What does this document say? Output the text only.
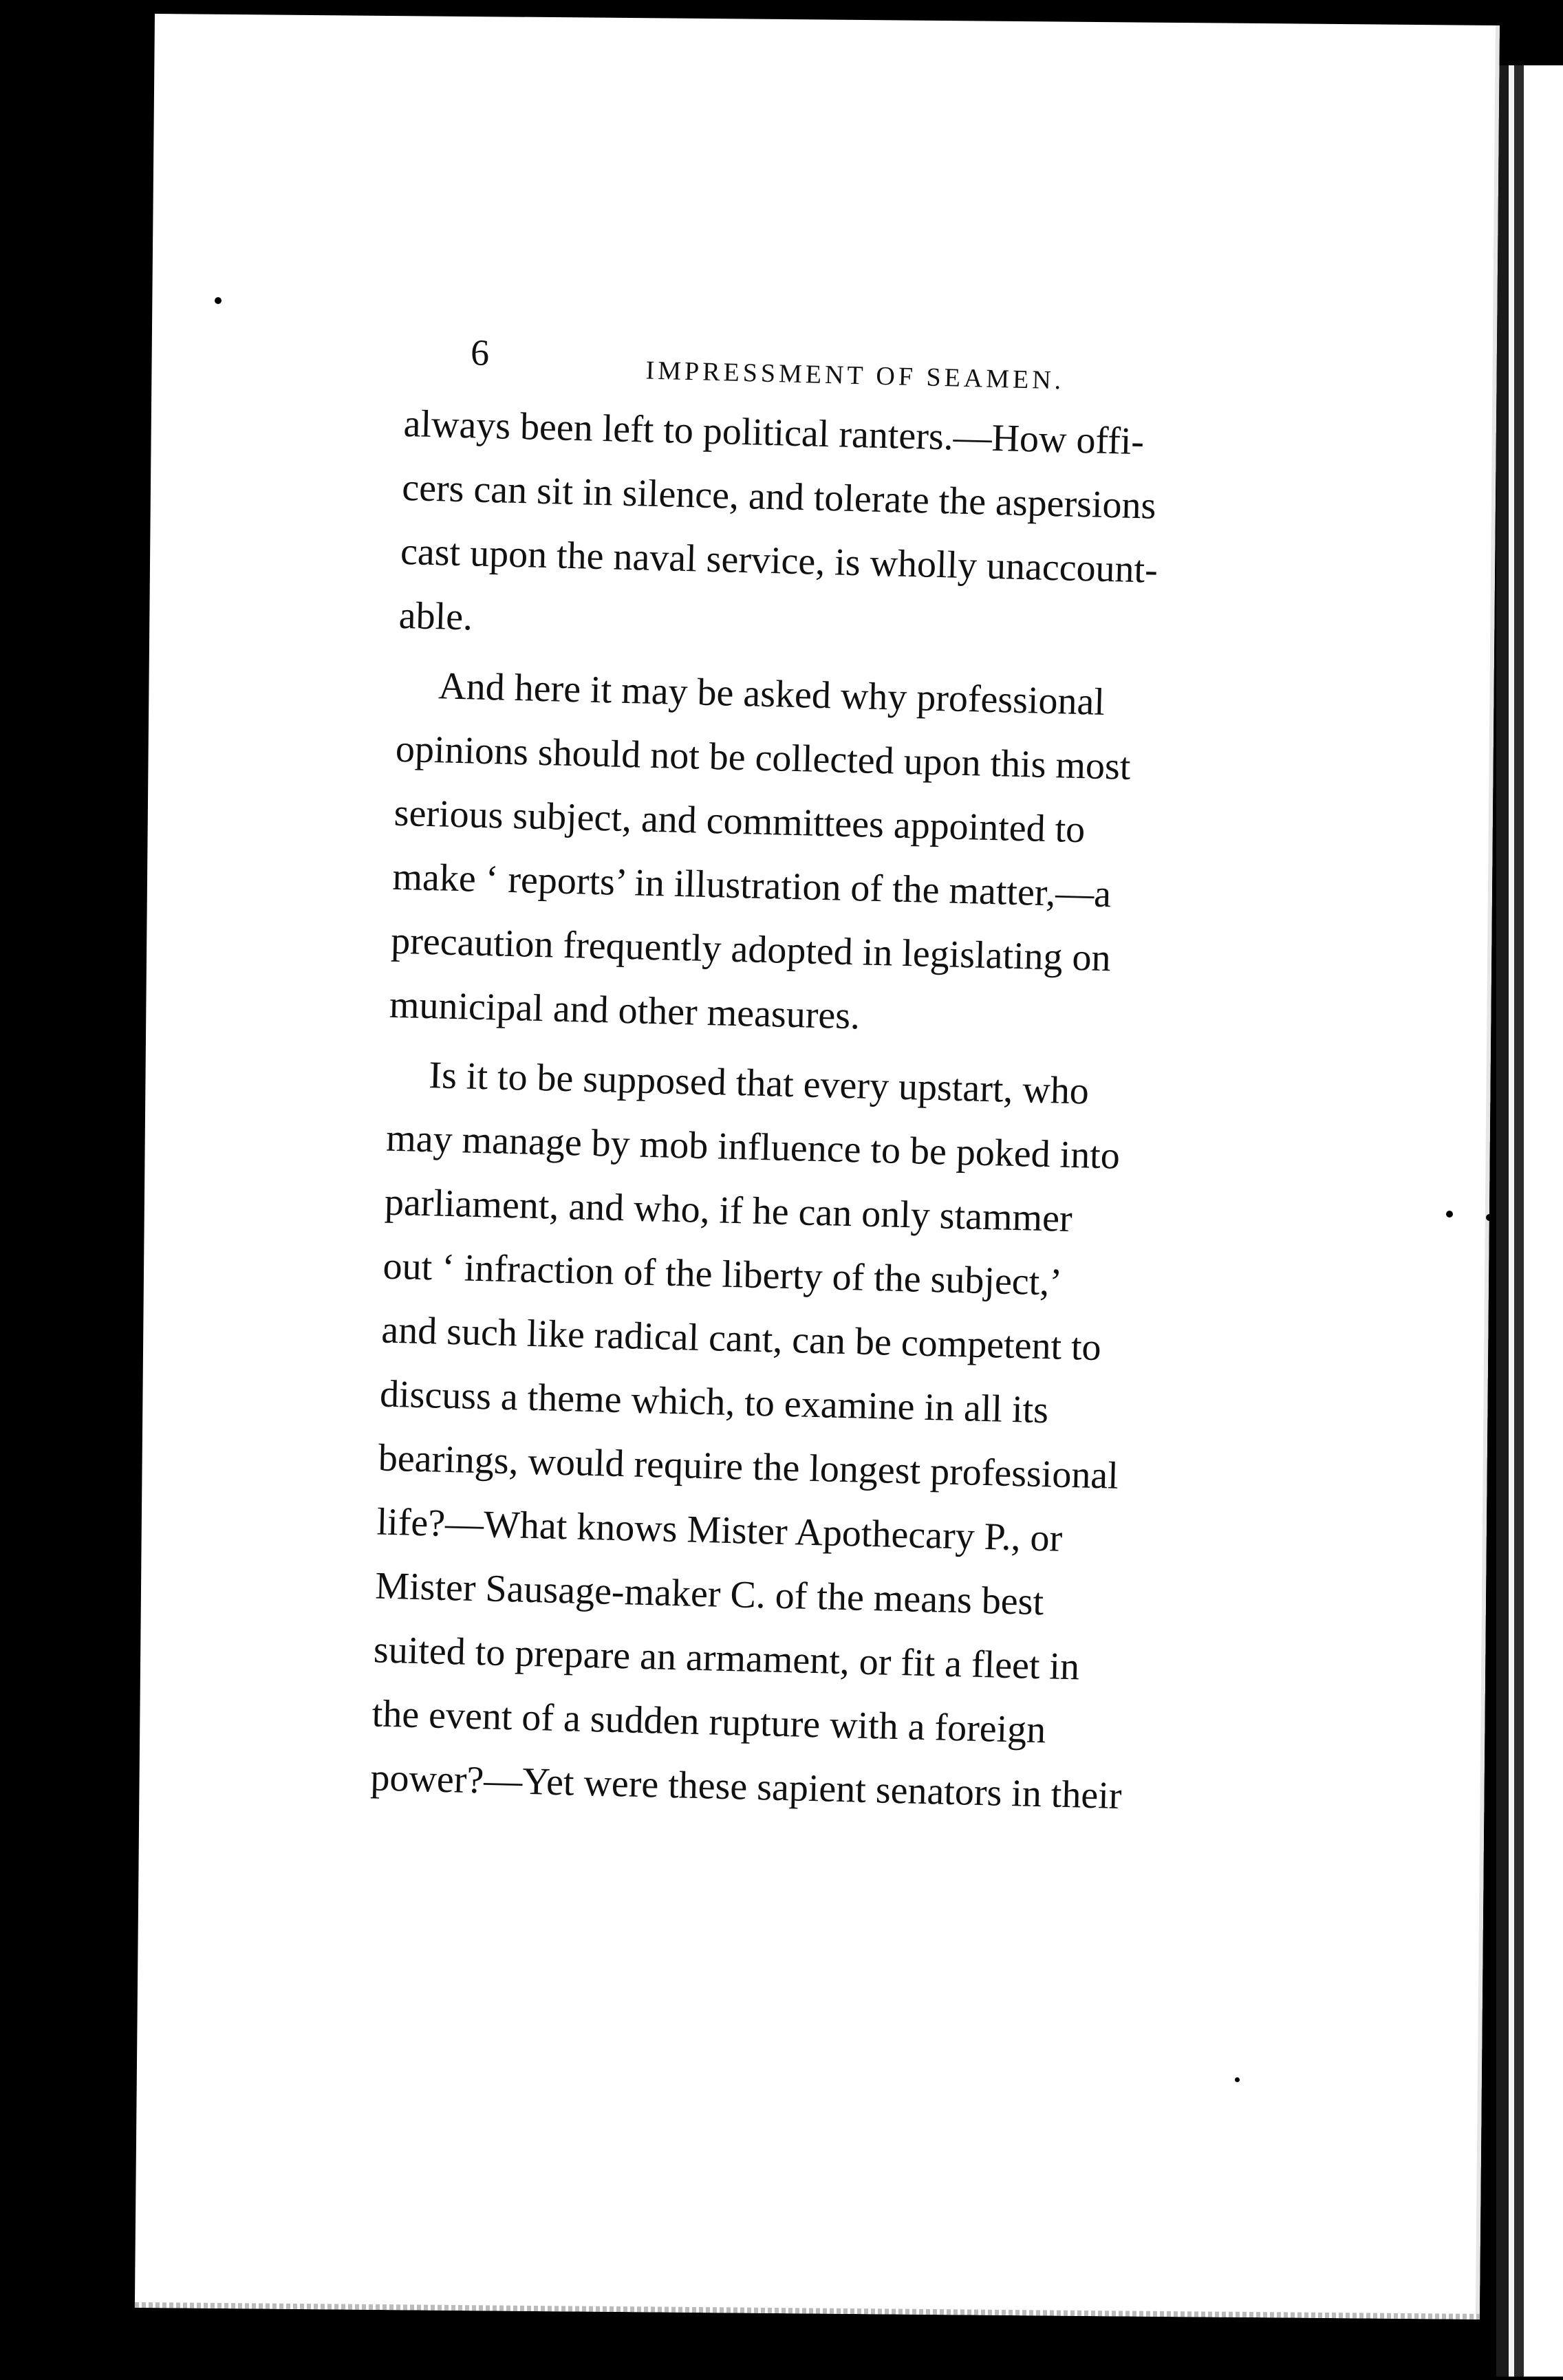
6
IMPRESSMENT OF SEAMEN.

always been left to political ranters.—How offi-
cers can sit in silence, and tolerate the aspersions
cast upon the naval service, is wholly unaccount-
able.

And here it may be asked why professional
opinions should not be collected upon this most
serious subject, and committees appointed to
make ‘ reports’ in illustration of the matter,—a
precaution frequently adopted in legislating on
municipal and other measures.

Is it to be supposed that every upstart, who
may manage by mob influence to be poked into
parliament, and who, if he can only stammer
out ‘ infraction of the liberty of the subject,’
and such like radical cant, can be competent to
discuss a theme which, to examine in all its
bearings, would require the longest professional
life?—What knows Mister Apothecary P., or
Mister Sausage-maker C. of the means best
suited to prepare an armament, or fit a fleet in
the event of a sudden rupture with a foreign
power?—Yet were these sapient senators in their
